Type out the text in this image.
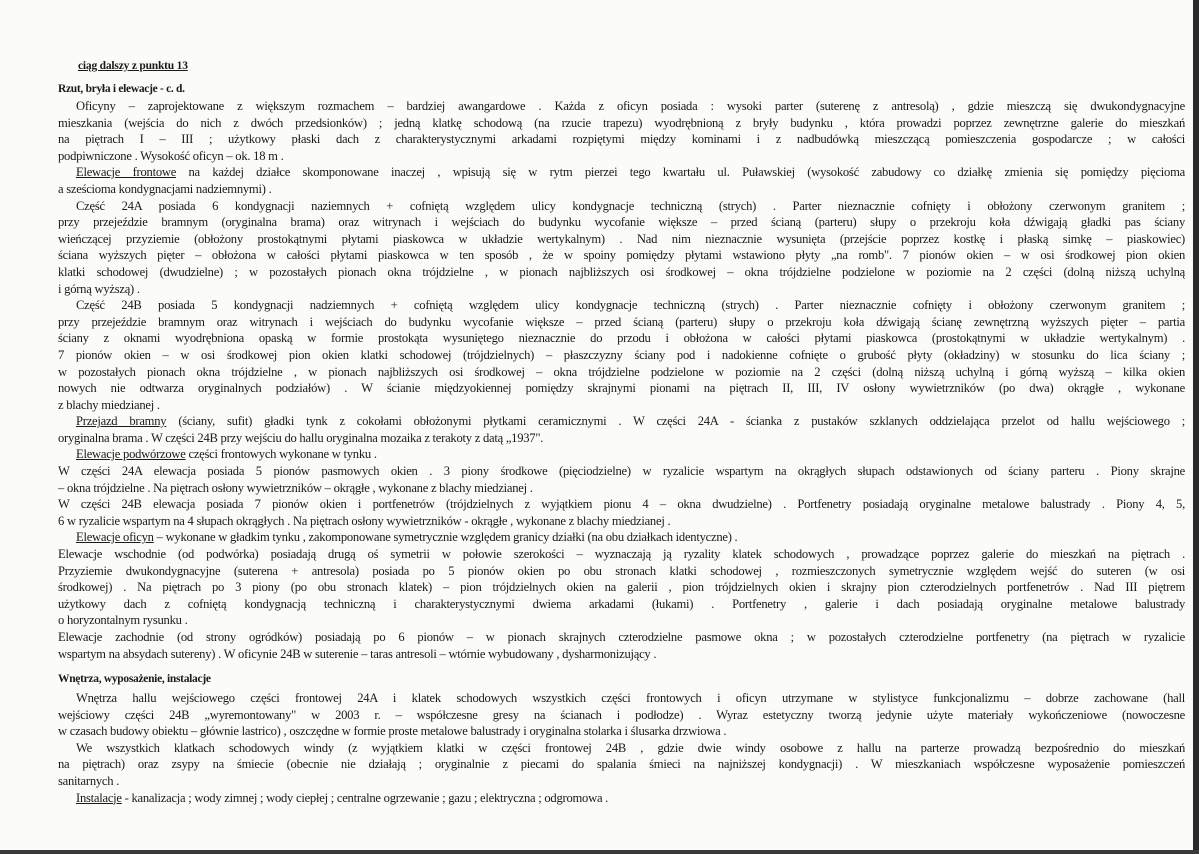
ciąg dalszy z punktu 13
Rzut, bryła i elewacje - c. d.
Oficyny – zaprojektowane z większym rozmachem – bardziej awangardowe . Każda z oficyn posiada : wysoki parter (suterenę z antresolą) , gdzie mieszczą się dwukondygnacyjne
mieszkania (wejścia do nich z dwóch przedsionków) ; jedną klatkę schodową (na rzucie trapezu) wyodrębnioną z bryły budynku , która prowadzi poprzez zewnętrzne galerie do mieszkań
na piętrach I – III ; użytkowy płaski dach z charakterystycznymi arkadami rozpiętymi między kominami i z nadbudówką mieszczącą pomieszczenia gospodarcze ; w całości
podpiwniczone . Wysokość oficyn – ok. 18 m .
Elewacje frontowe na każdej działce skomponowane inaczej , wpisują się w rytm pierzei tego kwartału ul. Puławskiej (wysokość zabudowy co działkę zmienia się pomiędzy pięcioma
a sześcioma kondygnacjami nadziemnymi) .
Część 24A posiada 6 kondygnacji naziemnych + cofniętą względem ulicy kondygnacje techniczną (strych) . Parter nieznacznie cofnięty i obłożony czerwonym granitem ;
przy przejeździe bramnym (oryginalna brama) oraz witrynach i wejściach do budynku wycofanie większe – przed ścianą (parteru) słupy o przekroju koła dźwigają gładki pas ściany
wieńczącej przyziemie (obłożony prostokątnymi płytami piaskowca w układzie wertykalnym) . Nad nim nieznacznie wysunięta (przejście poprzez kostkę i płaską simkę – piaskowiec)
ściana wyższych pięter – obłożona w całości płytami piaskowca w ten sposób , że w spoiny pomiędzy płytami wstawiono płyty „na romb". 7 pionów okien – w osi środkowej pion okien
klatki schodowej (dwudzielne) ; w pozostałych pionach okna trójdzielne , w pionach najbliższych osi środkowej – okna trójdzielne podzielone w poziomie na 2 części (dolną niższą uchylną
i górną wyższą) .
Część 24B posiada 5 kondygnacji nadziemnych + cofniętą względem ulicy kondygnacje techniczną (strych) . Parter nieznacznie cofnięty i obłożony czerwonym granitem ;
przy przejeździe bramnym oraz witrynach i wejściach do budynku wycofanie większe – przed ścianą (parteru) słupy o przekroju koła dźwigają ścianę zewnętrzną wyższych pięter – partia
ściany z oknami wyodrębniona opaską w formie prostokąta wysuniętego nieznacznie do przodu i obłożona w całości płytami piaskowca (prostokątnymi w układzie wertykalnym) .
7 pionów okien – w osi środkowej pion okien klatki schodowej (trójdzielnych) – płaszczyzny ściany pod i nadokienne cofnięte o grubość płyty (okładziny) w stosunku do lica ściany ;
w pozostałych pionach okna trójdzielne , w pionach najbliższych osi środkowej – okna trójdzielne podzielone w poziomie na 2 części (dolną niższą uchylną i górną wyższą – kilka okien
nowych nie odtwarza oryginalnych podziałów) . W ścianie międzyokiennej pomiędzy skrajnymi pionami na piętrach II, III, IV osłony wywietrzników (po dwa) okrągłe , wykonane
z blachy miedzianej .
Przejazd bramny (ściany, sufit) gładki tynk z cokołami obłożonymi płytkami ceramicznymi . W części 24A - ścianka z pustaków szklanych oddzielająca przelot od hallu wejściowego ;
oryginalna brama . W części 24B przy wejściu do hallu oryginalna mozaika z terakoty z datą „1937".
Elewacje podwórzowe części frontowych wykonane w tynku .
W części 24A elewacja posiada 5 pionów pasmowych okien . 3 piony środkowe (pięciodzielne) w ryzalicie wspartym na okrągłych słupach odstawionych od ściany parteru . Piony skrajne
– okna trójdzielne . Na piętrach osłony wywietrzników – okrągłe , wykonane z blachy miedzianej .
W części 24B elewacja posiada 7 pionów okien i portfenetrów (trójdzielnych z wyjątkiem pionu 4 – okna dwudzielne) . Portfenetry posiadają oryginalne metalowe balustrady . Piony 4, 5,
6 w ryzalicie wspartym na 4 słupach okrągłych . Na piętrach osłony wywietrzników - okrągłe , wykonane z blachy miedzianej .
Elewacje oficyn – wykonane w gładkim tynku , zakomponowane symetrycznie względem granicy działki (na obu działkach identyczne) .
Elewacje wschodnie (od podwórka) posiadają drugą oś symetrii w połowie szerokości – wyznaczają ją ryzality klatek schodowych , prowadzące poprzez galerie do mieszkań na piętrach .
Przyziemie dwukondygnacyjne (suterena + antresola) posiada po 5 pionów okien po obu stronach klatki schodowej , rozmieszczonych symetrycznie względem wejść do suteren (w osi
środkowej) . Na piętrach po 3 piony (po obu stronach klatek) – pion trójdzielnych okien na galerii , pion trójdzielnych okien i skrajny pion czterodzielnych portfenetrów . Nad III piętrem
użytkowy dach z cofniętą kondygnacją techniczną i charakterystycznymi dwiema arkadami (łukami) . Portfenetry , galerie i dach posiadają oryginalne metalowe balustrady
o horyzontalnym rysunku .
Elewacje zachodnie (od strony ogródków) posiadają po 6 pionów – w pionach skrajnych czterodzielne pasmowe okna ; w pozostałych czterodzielne portfenetry (na piętrach w ryzalicie
wspartym na absydach sutereny) . W oficynie 24B w suterenie – taras antresoli – wtórnie wybudowany , dysharmonizujący .
Wnętrza, wyposażenie, instalacje
Wnętrza hallu wejściowego części frontowej 24A i klatek schodowych wszystkich części frontowych i oficyn utrzymane w stylistyce funkcjonalizmu – dobrze zachowane (hall
wejściowy części 24B „wyremontowany" w 2003 r. – współczesne gresy na ścianach i podłodze) . Wyraz estetyczny tworzą jedynie użyte materiały wykończeniowe (nowoczesne
w czasach budowy obiektu – głównie lastrico) , oszczędne w formie proste metalowe balustrady i oryginalna stolarka i ślusarka drzwiowa .
We wszystkich klatkach schodowych windy (z wyjątkiem klatki w części frontowej 24B , gdzie dwie windy osobowe z hallu na parterze prowadzą bezpośrednio do mieszkań
na piętrach) oraz zsypy na śmiecie (obecnie nie działają ; oryginalnie z piecami do spalania śmieci na najniższej kondygnacji) . W mieszkaniach współczesne wyposażenie pomieszczeń
sanitarnych .
Instalacje - kanalizacja ; wody zimnej ; wody ciepłej ; centralne ogrzewanie ; gazu ; elektryczna ; odgromowa .
